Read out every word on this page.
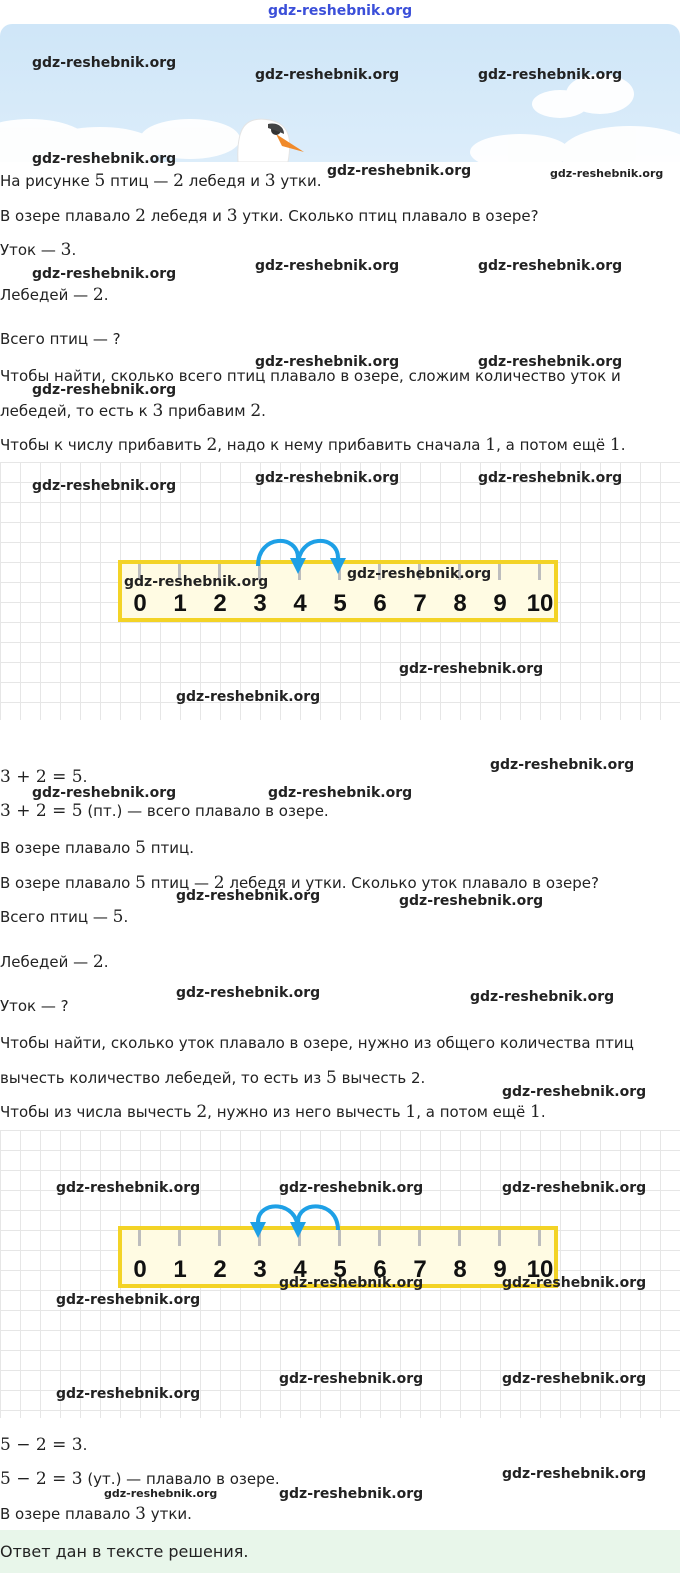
gdz-reshebnik.org
gdz-reshebnik.org
gdz-reshebnik.org	gdz-reshebnik.org
gdz-reshebnik.org
gdz-reshebnik.org	gdz-reshebnik.org
gdz-reshebnik.org	gdz-reshebnik.org	gdz-reshebnik.org
gdz-reshebnik.org	gdz-reshebnik.org
gdz-reshebnik.org
На рисунке 5 птиц — 2 лебедя и 3 утки.
В озере плавало 2 лебедя и 3 утки. Сколько птиц плавало в озере?
Уток — 3.
Лебедей — 2.
Всего птиц — ?
Чтобы найти, сколько всего птиц плавало в озере, сложим количество уток и
лебедей, то есть к 3 прибавим 2.
Чтобы к числу прибавить 2, надо к нему прибавить сначала 1, а потом ещё 1.
0	1	2	3	4	5	6	7	8	9 10
gdz-reshebnik.org	gdz-reshebnik.org	gdz-reshebnik.org
gdz-reshebnik.org	gdz-reshebnik.org
gdz-reshebnik.org
gdz-reshebnik.org
gdz-reshebnik.org
gdz-reshebnik.org	gdz-reshebnik.org
3 + 2 = 5.
3 + 2 = 5 (пт.) — всего плавало в озере.
В озере плавало 5 птиц.
В озере плавало 5 птиц — 2 лебедя и утки. Сколько уток плавало в озере?
gdz-reshebnik.org	gdz-reshebnik.org
Всего птиц — 5.
Лебедей — 2.
gdz-reshebnik.org	gdz-reshebnik.org
Уток — ?
Чтобы найти, сколько уток плавало в озере, нужно из общего количества птиц
вычесть количество лебедей, то есть из 5 вычесть 2.
gdz-reshebnik.org
Чтобы из числа вычесть 2, нужно из него вычесть 1, а потом ещё 1.
0	1	2	3	4	5	6	7	8	9 10
gdz-reshebnik.org	gdz-reshebnik.org	gdz-reshebnik.org
gdz-reshebnik.org	gdz-reshebnik.org
gdz-reshebnik.org
gdz-reshebnik.org
gdz-reshebnik.org	gdz-reshebnik.org
5 − 2 = 3.
gdz-reshebnik.org
5 − 2 = 3 (ут.) — плавало в озере.
gdz-reshebnik.org	gdz-reshebnik.org
В озере плавало 3 утки.
Ответ дан в тексте решения.
